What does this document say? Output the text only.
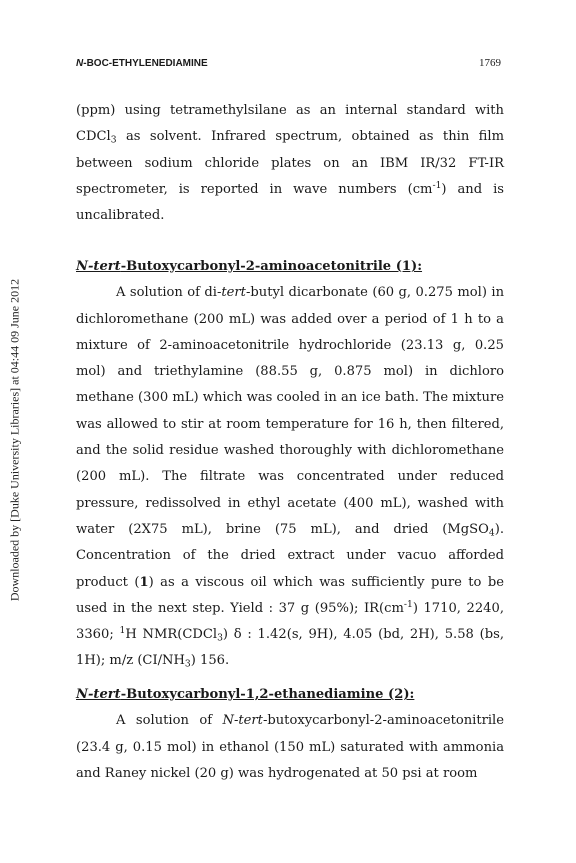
N-BOC-ETHYLENEDIAMINE	1769
Downloaded by [Duke University Libraries] at 04:44 09 June 2012

(ppm) using tetramethylsilane as an internal standard with CDCl$_3$ as solvent. Infrared spectrum, obtained as thin film between sodium chloride plates on an IBM IR/32 FT-IR spectrometer, is reported in wave numbers $(cm^{-1})$ and is uncalibrated.

N-tert-Butoxycarbonyl-2-aminoacetonitrile (1):

A solution of di-tert-butyl dicarbonate (60 g, 0.275 mol) in dichloromethane (200 mL) was added over a period of 1 h to a mixture of 2-aminoacetonitrile hydrochloride (23.13 g, 0.25 mol) and triethylamine (88.55 g, 0.875 mol) in dichloro methane (300 mL) which was cooled in an ice bath. The mixture was allowed to stir at room temperature for 16 h, then filtered, and the solid residue washed thoroughly with dichloromethane (200 mL). The filtrate was concentrated under reduced pressure, redissolved in ethyl acetate (400 mL), washed with water (2X75 mL), brine (75 mL), and dried (MgSO$_4$). Concentration of the dried extract under vacuo afforded product (1) as a viscous oil which was sufficiently pure to be used in the next step. Yield : 37 g (95%); $IR(cm^{-1})$ 1710, 2240, 3360; $^1$H NMR(CDCl$_3$) δ : 1.42(s, 9H), 4.05 (bd, 2H), 5.58 (bs, 1H); m/z $(CI/NH_3)$ 156.

N-tert-Butoxycarbonyl-1,2-ethanediamine (2):

A solution of N-tert-butoxycarbonyl-2-aminoacetonitrile (23.4 g, 0.15 mol) in ethanol (150 mL) saturated with ammonia and Raney nickel (20 g) was hydrogenated at 50 psi at room
